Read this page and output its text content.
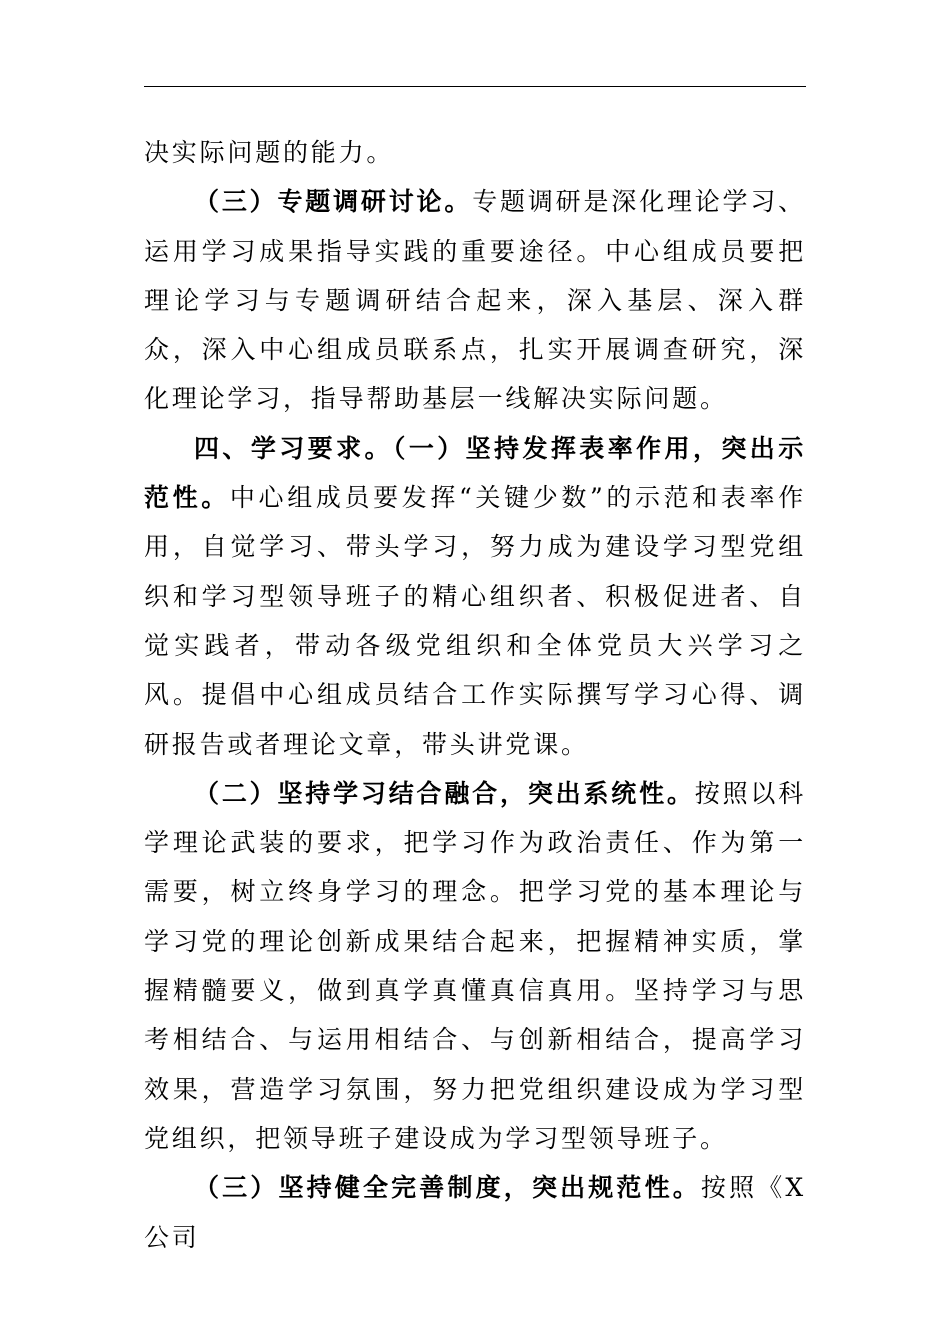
决实际问题的能力。

（三）专题调研讨论。专题调研是深化理论学习、运用学习成果指导实践的重要途径。中心组成员要把理论学习与专题调研结合起来，深入基层、深入群众，深入中心组成员联系点，扎实开展调查研究，深化理论学习，指导帮助基层一线解决实际问题。

四、学习要求。（一）坚持发挥表率作用，突出示范性。中心组成员要发挥“关键少数”的示范和表率作用，自觉学习、带头学习，努力成为建设学习型党组织和学习型领导班子的精心组织者、积极促进者、自觉实践者，带动各级党组织和全体党员大兴学习之风。提倡中心组成员结合工作实际撰写学习心得、调研报告或者理论文章，带头讲党课。

（二）坚持学习结合融合，突出系统性。按照以科学理论武装的要求，把学习作为政治责任、作为第一需要，树立终身学习的理念。把学习党的基本理论与学习党的理论创新成果结合起来，把握精神实质，掌握精髓要义，做到真学真懂真信真用。坚持学习与思考相结合、与运用相结合、与创新相结合，提高学习效果，营造学习氛围，努力把党组织建设成为学习型党组织，把领导班子建设成为学习型领导班子。

（三）坚持健全完善制度，突出规范性。按照《X公司
